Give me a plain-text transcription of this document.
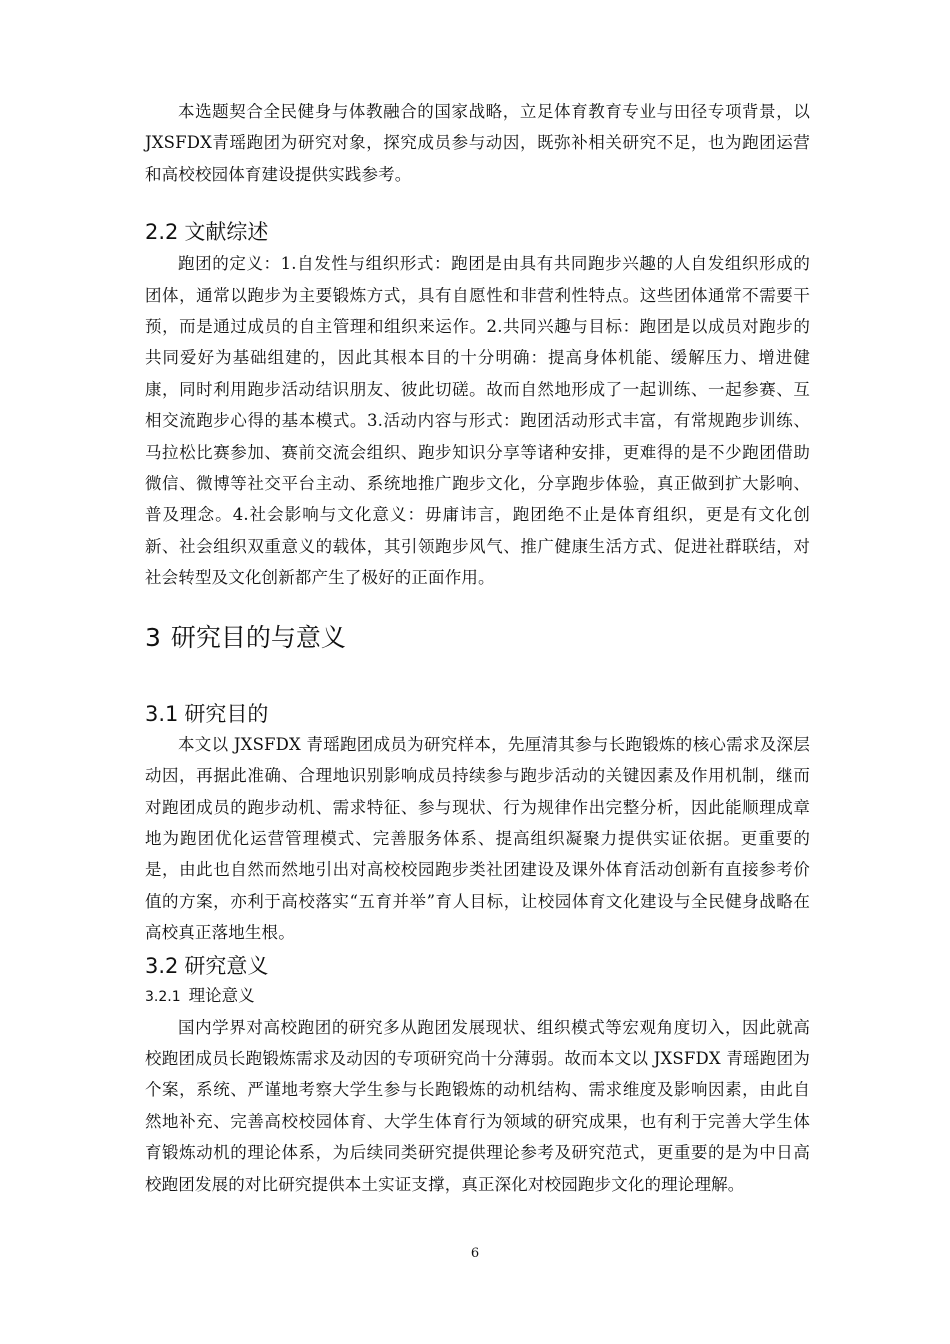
本选题契合全民健身与体教融合的国家战略，立足体育教育专业与田径专项背景，以JXSFDX青瑶跑团为研究对象，探究成员参与动因，既弥补相关研究不足，也为跑团运营和高校校园体育建设提供实践参考。

2.2 文献综述

跑团的定义：1.自发性与组织形式：跑团是由具有共同跑步兴趣的人自发组织形成的团体，通常以跑步为主要锻炼方式，具有自愿性和非营利性特点。这些团体通常不需要干预，而是通过成员的自主管理和组织来运作。2.共同兴趣与目标：跑团是以成员对跑步的共同爱好为基础组建的，因此其根本目的十分明确：提高身体机能、缓解压力、增进健康，同时利用跑步活动结识朋友、彼此切磋。故而自然地形成了一起训练、一起参赛、互相交流跑步心得的基本模式。3.活动内容与形式：跑团活动形式丰富，有常规跑步训练、马拉松比赛参加、赛前交流会组织、跑步知识分享等诸种安排，更难得的是不少跑团借助微信、微博等社交平台主动、系统地推广跑步文化，分享跑步体验，真正做到扩大影响、普及理念。4.社会影响与文化意义：毋庸讳言，跑团绝不止是体育组织，更是有文化创新、社会组织双重意义的载体，其引领跑步风气、推广健康生活方式、促进社群联结，对社会转型及文化创新都产生了极好的正面作用。

3 研究目的与意义
3.1 研究目的

本文以 JXSFDX 青瑶跑团成员为研究样本，先厘清其参与长跑锻炼的核心需求及深层动因，再据此准确、合理地识别影响成员持续参与跑步活动的关键因素及作用机制，继而对跑团成员的跑步动机、需求特征、参与现状、行为规律作出完整分析，因此能顺理成章地为跑团优化运营管理模式、完善服务体系、提高组织凝聚力提供实证依据。更重要的是，由此也自然而然地引出对高校校园跑步类社团建设及课外体育活动创新有直接参考价值的方案，亦利于高校落实“五育并举”育人目标，让校园体育文化建设与全民健身战略在高校真正落地生根。

3.2 研究意义
3.2.1 理论意义

国内学界对高校跑团的研究多从跑团发展现状、组织模式等宏观角度切入，因此就高校跑团成员长跑锻炼需求及动因的专项研究尚十分薄弱。故而本文以 JXSFDX 青瑶跑团为个案，系统、严谨地考察大学生参与长跑锻炼的动机结构、需求维度及影响因素，由此自然地补充、完善高校校园体育、大学生体育行为领域的研究成果，也有利于完善大学生体育锻炼动机的理论体系，为后续同类研究提供理论参考及研究范式，更重要的是为中日高校跑团发展的对比研究提供本土实证支撑，真正深化对校园跑步文化的理论理解。

6
